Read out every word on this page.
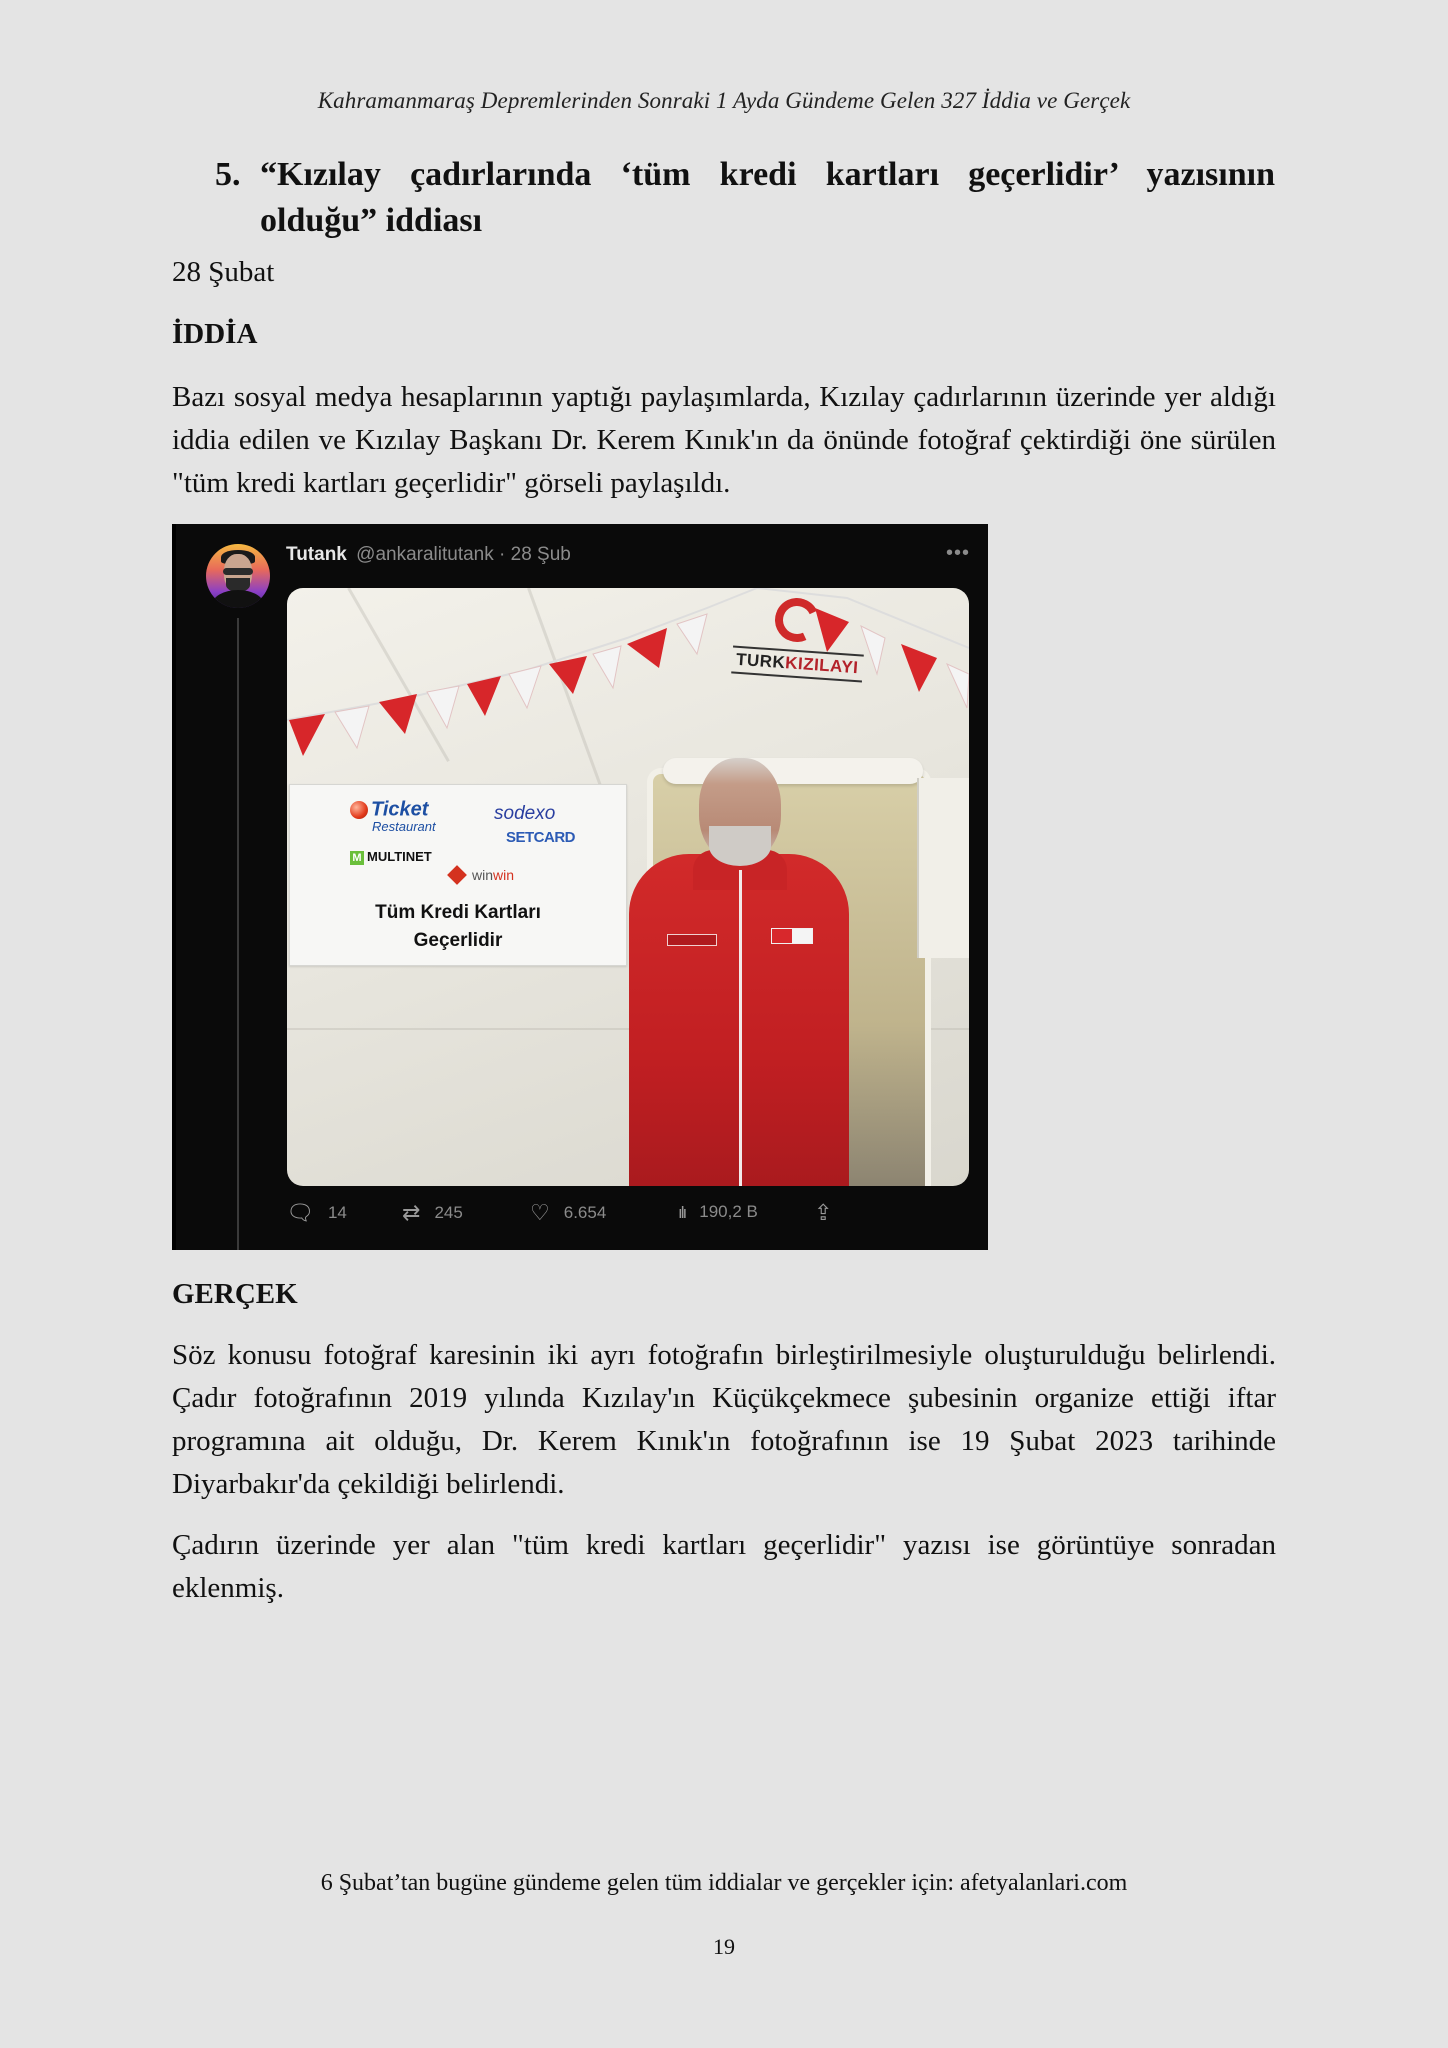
Kahramanmaraş Depremlerinden Sonraki 1 Ayda Gündeme Gelen 327 İddia ve Gerçek
5. “Kızılay çadırlarında ‘tüm kredi kartları geçerlidir’ yazısının olduğu” iddiası
28 Şubat
İDDİA

Bazı sosyal medya hesaplarının yaptığı paylaşımlarda, Kızılay çadırlarının üzerinde yer aldığı iddia edilen ve Kızılay Başkanı Dr. Kerem Kınık'ın da önünde fotoğraf çektirdiği öne sürülen "tüm kredi kartları geçerlidir" görseli paylaşıldı.

Tutank @ankaralitutank · 28 Şub	•••
TURKKIZILAYI
Ticket
Restaurant
sodexo
SETCARD
M MULTINET
winwin
Tüm Kredi Kartları
Geçerlidir
🗨 14	⇄ 245	♡ 6.654	ılı 190,2 B	⇪
GERÇEK

Söz konusu fotoğraf karesinin iki ayrı fotoğrafın birleştirilmesiyle oluşturulduğu belirlendi. Çadır fotoğrafının 2019 yılında Kızılay'ın Küçükçekmece şubesinin organize ettiği iftar programına ait olduğu, Dr. Kerem Kınık'ın fotoğrafının ise 19 Şubat 2023 tarihinde Diyarbakır'da çekildiği belirlendi.

Çadırın üzerinde yer alan "tüm kredi kartları geçerlidir" yazısı ise görüntüye sonradan eklenmiş.

6 Şubat’tan bugüne gündeme gelen tüm iddialar ve gerçekler için: afetyalanlari.com
19
